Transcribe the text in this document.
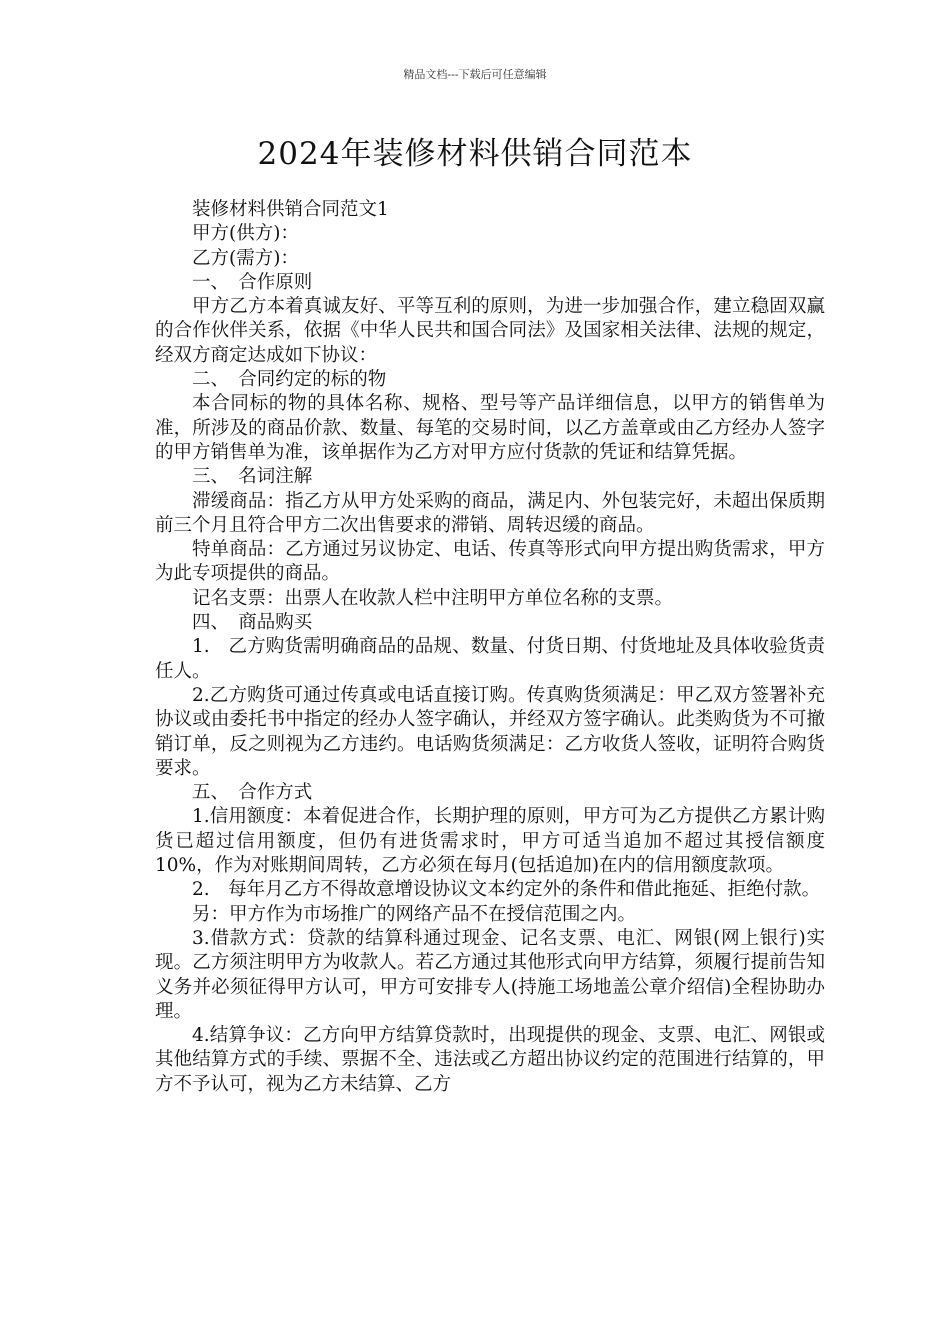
精品文档---下载后可任意编辑
2024年装修材料供销合同范本

装修材料供销合同范文1

甲方(供方)：

乙方(需方)：

一、　合作原则

甲方乙方本着真诚友好、平等互利的原则，为进一步加强合作，建立稳固双赢的合作伙伴关系，依据《中华人民共和国合同法》及国家相关法律、法规的规定，经双方商定达成如下协议：

二、　合同约定的标的物

本合同标的物的具体名称、规格、型号等产品详细信息，以甲方的销售单为准，所涉及的商品价款、数量、每笔的交易时间，以乙方盖章或由乙方经办人签字的甲方销售单为准，该单据作为乙方对甲方应付货款的凭证和结算凭据。

三、　名词注解

滞缓商品：指乙方从甲方处采购的商品，满足内、外包装完好，未超出保质期前三个月且符合甲方二次出售要求的滞销、周转迟缓的商品。

特单商品：乙方通过另议协定、电话、传真等形式向甲方提出购货需求，甲方为此专项提供的商品。

记名支票：出票人在收款人栏中注明甲方单位名称的支票。

四、　商品购买

1.　乙方购货需明确商品的品规、数量、付货日期、付货地址及具体收验货责任人。

2.乙方购货可通过传真或电话直接订购。传真购货须满足：甲乙双方签署补充协议或由委托书中指定的经办人签字确认，并经双方签字确认。此类购货为不可撤销订单，反之则视为乙方违约。电话购货须满足：乙方收货人签收，证明符合购货要求。

五、　合作方式

1.信用额度：本着促进合作，长期护理的原则，甲方可为乙方提供乙方累计购货已超过信用额度，但仍有进货需求时，甲方可适当追加不超过其授信额度10%，作为对账期间周转，乙方必须在每月(包括追加)在内的信用额度款项。

2.　每年月乙方不得故意增设协议文本约定外的条件和借此拖延、拒绝付款。

另：甲方作为市场推广的网络产品不在授信范围之内。

3.借款方式：贷款的结算科通过现金、记名支票、电汇、网银(网上银行)实现。乙方须注明甲方为收款人。若乙方通过其他形式向甲方结算，须履行提前告知义务并必须征得甲方认可，甲方可安排专人(持施工场地盖公章介绍信)全程协助办理。

4.结算争议：乙方向甲方结算贷款时，出现提供的现金、支票、电汇、网银或其他结算方式的手续、票据不全、违法或乙方超出协议约定的范围进行结算的，甲方不予认可，视为乙方未结算、乙方
